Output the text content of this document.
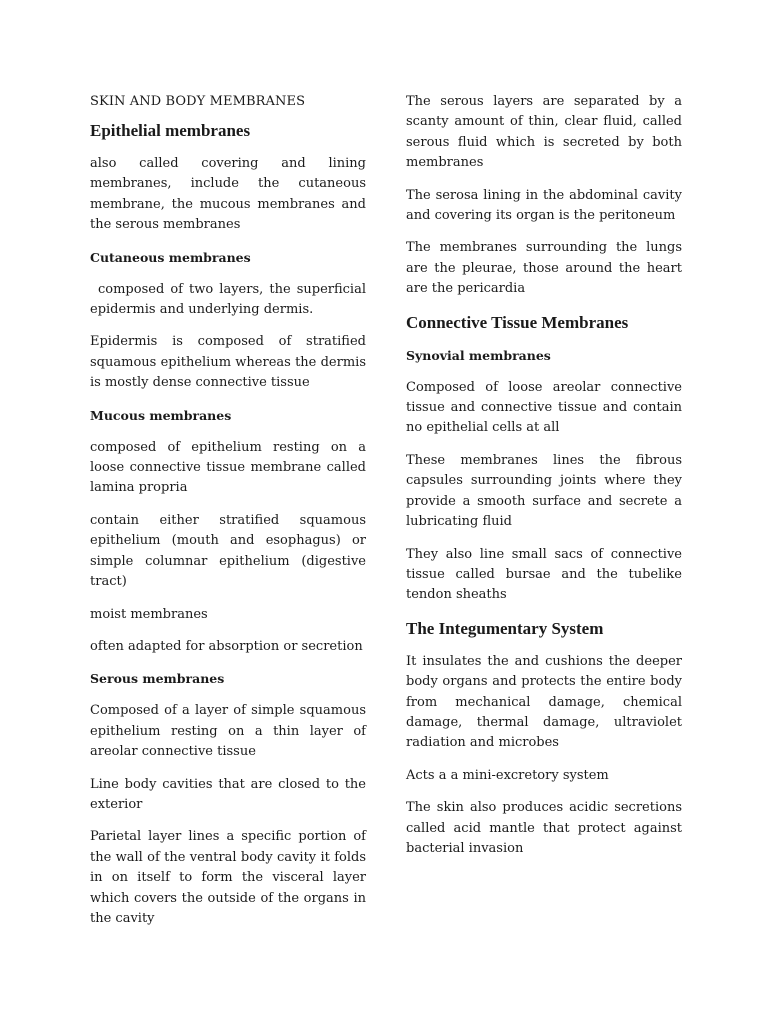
SKIN AND BODY MEMBRANES
Epithelial membranes
also called covering and lining membranes, include the cutaneous membrane, the mucous membranes and the serous membranes
Cutaneous membranes
composed of two layers, the superficial epidermis and underlying dermis.
Epidermis is composed of stratified squamous epithelium whereas the dermis is mostly dense connective tissue
Mucous membranes
composed of epithelium resting on a loose connective tissue membrane called lamina propria
contain either stratified squamous epithelium (mouth and esophagus) or simple columnar epithelium (digestive tract)
moist membranes
often adapted for absorption or secretion
Serous membranes
Composed of a layer of simple squamous epithelium resting on a thin layer of areolar connective tissue
Line body cavities that are closed to the exterior
Parietal layer lines a specific portion of the wall of the ventral body cavity it folds in on itself to form the visceral layer which covers the outside of the organs in the cavity
The serous layers are separated by a scanty amount of thin, clear fluid, called serous fluid which is secreted by both membranes
The serosa lining in the abdominal cavity and covering its organ is the peritoneum
The membranes surrounding the lungs are the pleurae, those around the heart are the pericardia
Connective Tissue Membranes
Synovial membranes
Composed of loose areolar connective tissue and connective tissue and contain no epithelial cells at all
These membranes lines the fibrous capsules surrounding joints where they provide a smooth surface and secrete a lubricating fluid
They also line small sacs of connective tissue called bursae and the tubelike tendon sheaths
The Integumentary System
It insulates the and cushions the deeper body organs and protects the entire body from mechanical damage, chemical damage, thermal damage, ultraviolet radiation and microbes
Acts a a mini-excretory system
The skin also produces acidic secretions called acid mantle that protect against bacterial invasion
